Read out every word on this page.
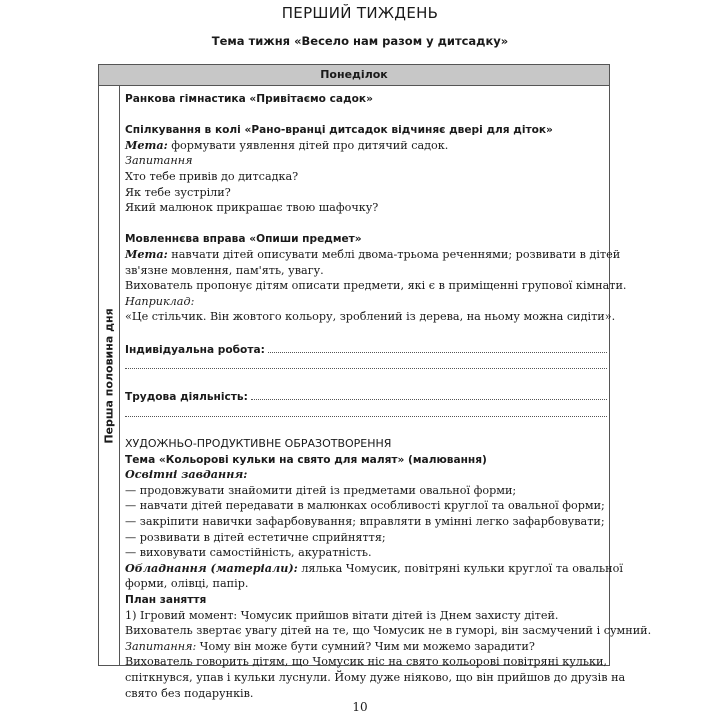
ПЕРШИЙ ТИЖДЕНЬ
Тема тижня «Весело нам разом у дитсадку»
Понеділок
Перша половина дня
Ранкова гімнастика «Привітаємо садок»
Спілкування в колі «Рано-вранці дитсадок відчиняє двері для діток»
Мета: формувати уявлення дітей про дитячий садок.
Запитання
Хто тебе привів до дитсадка?
Як тебе зустріли?
Який малюнок прикрашає твою шафочку?
Мовленнєва вправа «Опиши предмет»
Мета: навчати дітей описувати меблі двома-трьома реченнями; розвивати в дітей
зв'язне мовлення, пам'ять, увагу.
Вихователь пропонує дітям описати предмети, які є в приміщенні групової кімнати.
Наприклад:
«Це стільчик. Він жовтого кольору, зроблений із дерева, на ньому можна сидіти».
Індивідуальна робота:
Трудова діяльність:
ХУДОЖНЬО-ПРОДУКТИВНЕ ОБРАЗОТВОРЕННЯ
Тема «Кольорові кульки на свято для малят» (малювання)
Освітні завдання:
— продовжувати знайомити дітей із предметами овальної форми;
— навчати дітей передавати в малюнках особливості круглої та овальної форми;
— закріпити навички зафарбовування; вправляти в умінні легко зафарбовувати;
— розвивати в дітей естетичне сприйняття;
— виховувати самостійність, акуратність.
Обладнання (матеріали): лялька Чомусик, повітряні кульки круглої та овальної
форми, олівці, папір.
План заняття
1) Ігровий момент: Чомусик прийшов вітати дітей із Днем захисту дітей.
Вихователь звертає увагу дітей на те, що Чомусик не в гуморі, він засмучений і сумний.
Запитання: Чому він може бути сумний? Чим ми можемо зарадити?
Вихователь говорить дітям, що Чомусик ніс на свято кольорові повітряні кульки,
спіткнувся, упав і кульки луснули. Йому дуже ніяково, що він прийшов до друзів на
свято без подарунків.
10
